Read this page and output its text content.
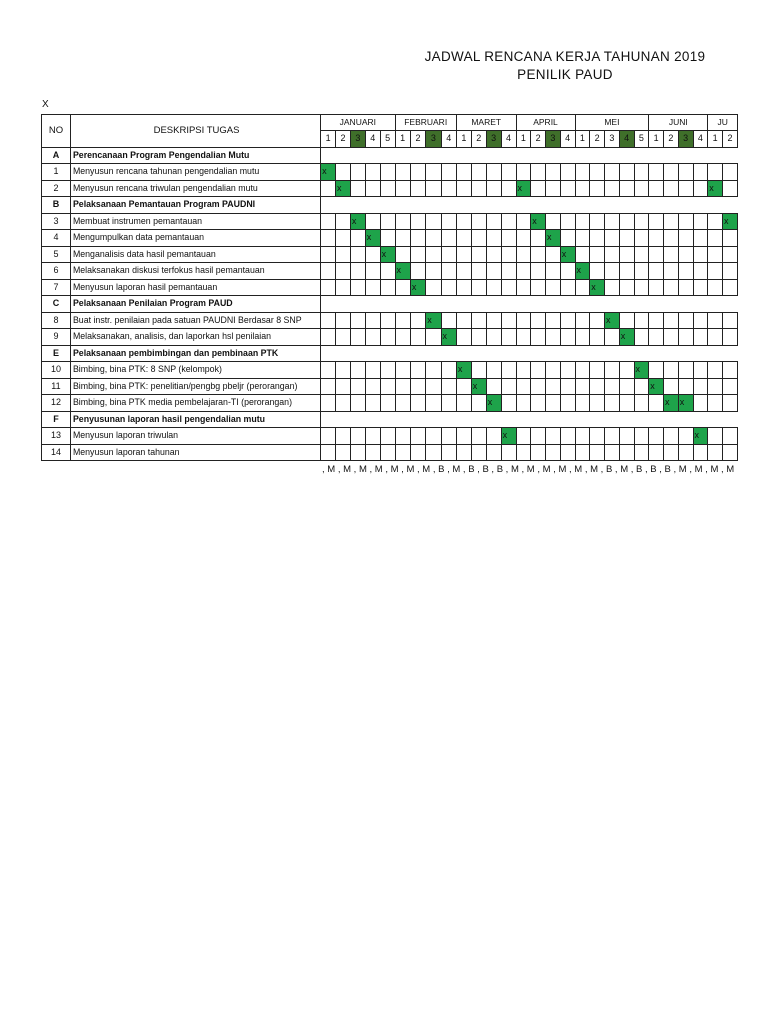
JADWAL RENCANA KERJA TAHUNAN 2019
PENILIK PAUD
X
NO	DESKRIPSI TUGAS	JANUARI					FEBRUARI				MARET				APRIL				MEI					JUNI				JU	
		1	2	3	4	5	1	2	3	4	1	2	3	4	1	2	3	4	1	2	3	4	5	1	2	3	4	1	2
A	Perencanaan Program Pengendalian Mutu																												
1	Menyusun rencana tahunan pengendalian mutu	x																											
2	Menyusun rencana triwulan pengendalian mutu		x												x													x	
B	Pelaksanaan Pemantauan Program PAUDNI																												
3	Membuat instrumen pemantauan			x												x													x
4	Mengumpulkan data pemantauan				x												x												
5	Menganalisis data hasil pemantauan					x												x											
6	Melaksanakan diskusi terfokus hasil pemantauan						x												x										
7	Menyusun laporan hasil pemantauan							x												x									
C	Pelaksanaan Penilaian Program PAUD																												
8	Buat instr. penilaian pada satuan PAUDNI Berdasar 8 SNP								x												x								
9	Melaksanakan, analisis, dan laporkan hsl penilaian									x												x							
E	Pelaksanaan pembimbingan dan pembinaan PTK																												
10	Bimbing, bina PTK: 8 SNP (kelompok)										x												x						
11	Bimbing, bina PTK: penelitian/pengbg pbeljr (perorangan)											x												x					
12	Bimbing, bina PTK media pembelajaran-TI (perorangan)												x												x	x			
F	Penyusunan laporan hasil pengendalian mutu																												
13	Menyusun laporan triwulan													x													x		
14	Menyusun laporan tahunan																												
, M , M , M , M , M , M , M , B , M , B , B , B , M , M , M , M , M , M , B , M , B , B , B , M , M , M , M
